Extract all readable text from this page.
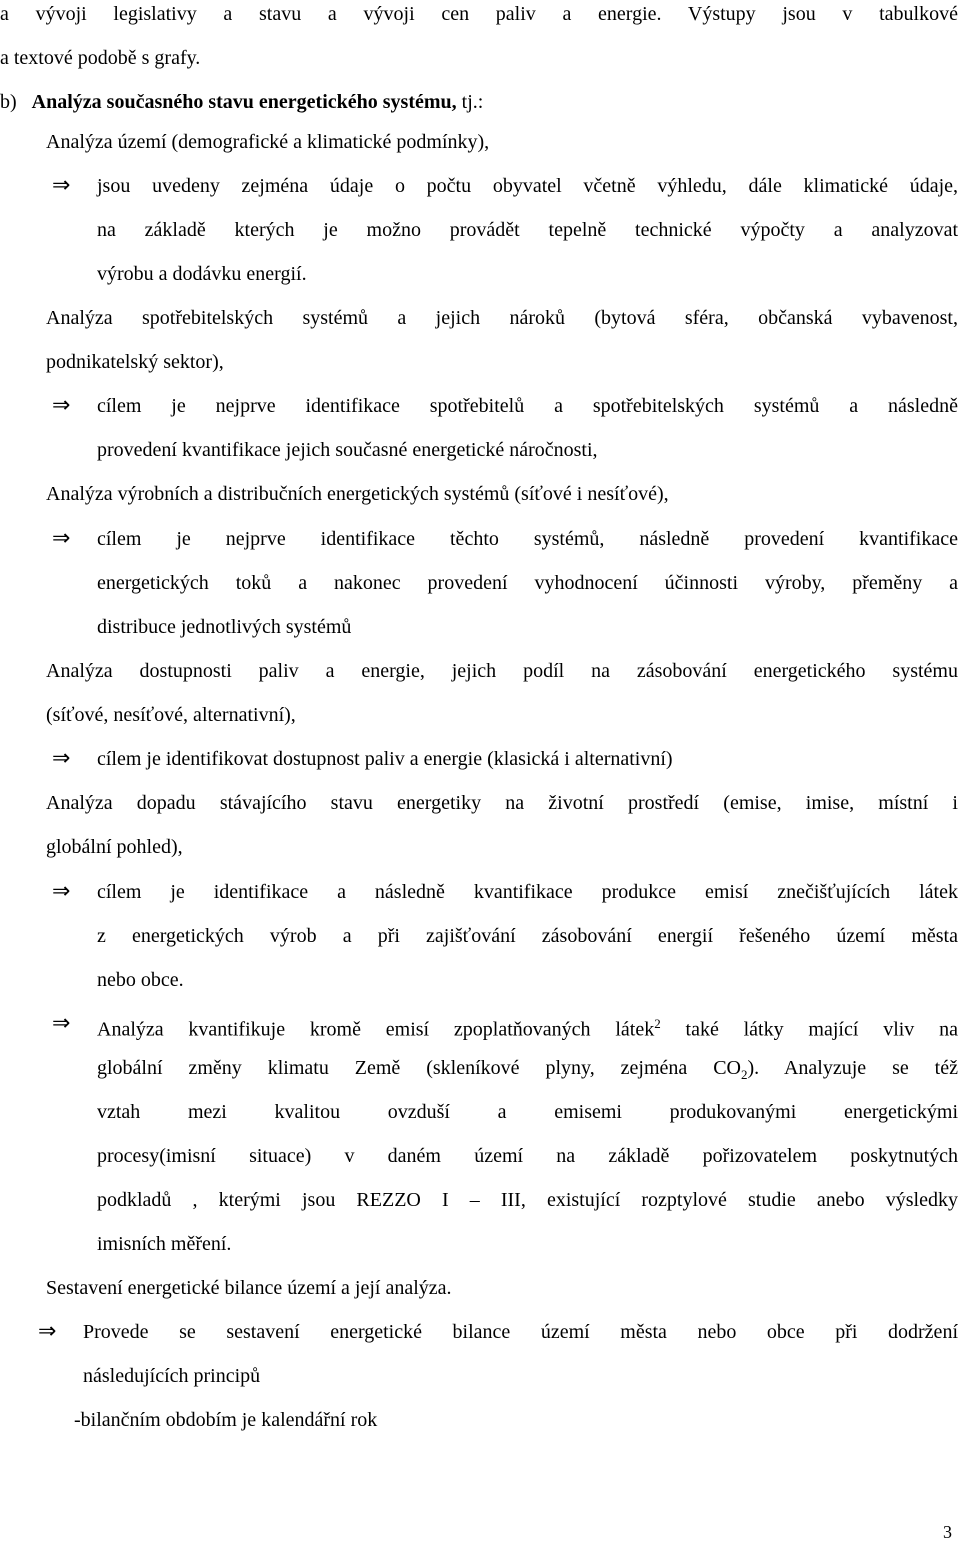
a vývoji legislativy a stavu a vývoji cen paliv a energie. Výstupy jsou v tabulkové
a textové podobě s grafy.
b) Analýza současného stavu energetického systému, tj.:
Analýza území (demografické a klimatické podmínky),
⇒ jsou uvedeny zejména údaje o počtu obyvatel včetně výhledu, dále klimatické údaje,
na základě kterých je možno provádět tepelně technické výpočty a analyzovat
výrobu a dodávku energií.
Analýza spotřebitelských systémů a jejich nároků (bytová sféra, občanská vybavenost,
podnikatelský sektor),
⇒ cílem je nejprve identifikace spotřebitelů a spotřebitelských systémů a následně
provedení kvantifikace jejich současné energetické náročnosti,
Analýza výrobních a distribučních energetických systémů (síťové i nesíťové),
⇒ cílem je nejprve identifikace těchto systémů, následně provedení kvantifikace
energetických toků a nakonec provedení vyhodnocení účinnosti výroby, přeměny a
distribuce jednotlivých systémů
Analýza dostupnosti paliv a energie, jejich podíl na zásobování energetického systému
(síťové, nesíťové, alternativní),
⇒ cílem je identifikovat dostupnost paliv a energie (klasická i alternativní)
Analýza dopadu stávajícího stavu energetiky na životní prostředí (emise, imise, místní i
globální pohled),
⇒ cílem je identifikace a následně kvantifikace produkce emisí znečišťujících látek
z energetických výrob a při zajišťování zásobování energií řešeného území města
nebo obce.
⇒ Analýza kvantifikuje kromě emisí zpoplatňovaných látek$^2$ také látky mající vliv na
globální změny klimatu Země (skleníkové plyny, zejména $CO_2$). Analyzuje se též
vztah mezi kvalitou ovzduší a emisemi produkovanými energetickými
procesy(imisní situace) v daném území na základě pořizovatelem poskytnutých
podkladů , kterými jsou REZZO I – III, existující rozptylové studie anebo výsledky
imisních měření.
Sestavení energetické bilance území a její analýza.
⇒ Provede se sestavení energetické bilance území města nebo obce při dodržení
následujících principů
-bilančním obdobím je kalendářní rok
3
